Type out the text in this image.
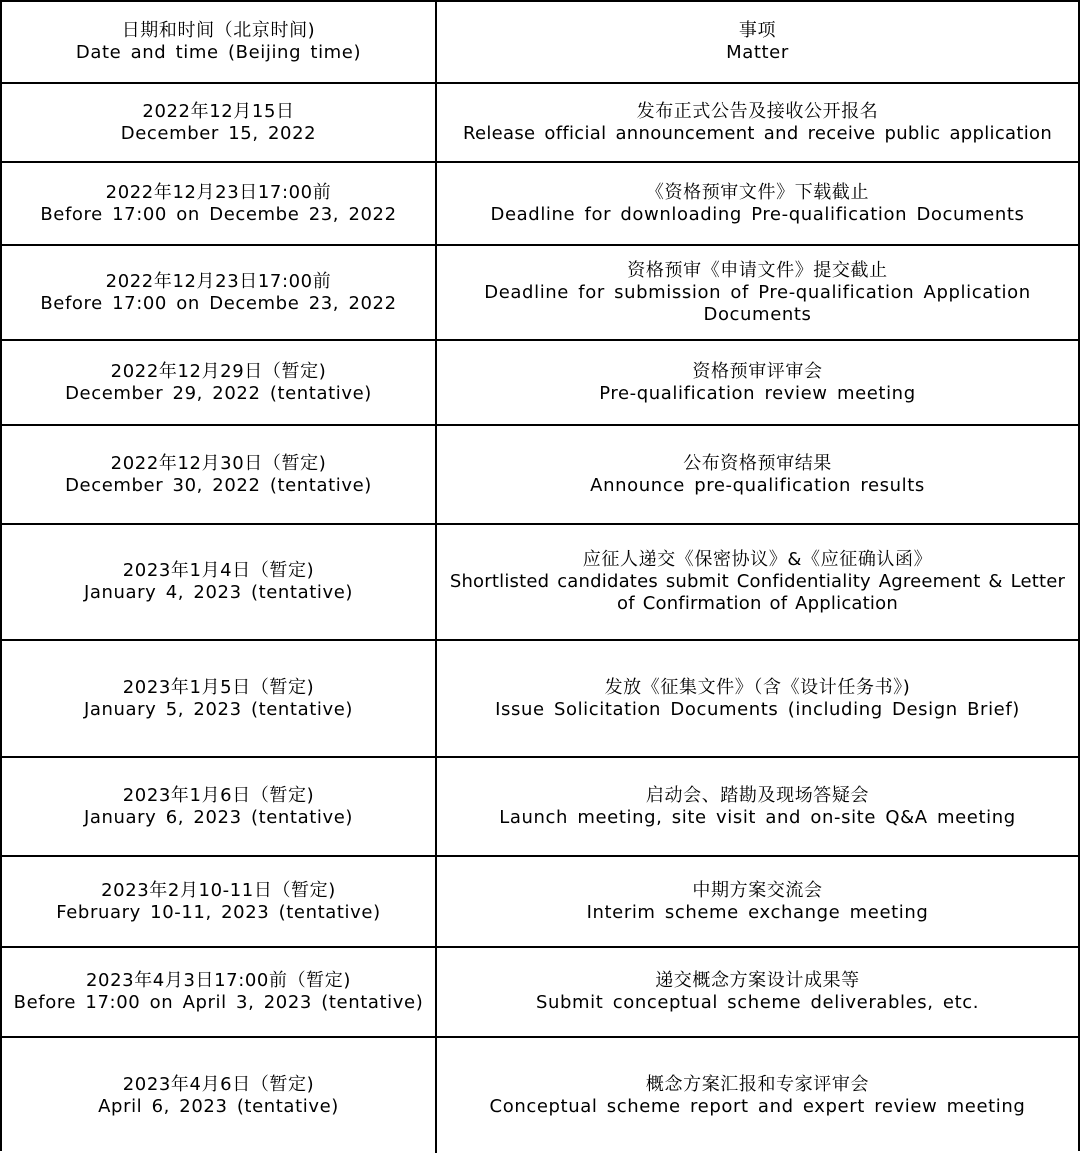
日期和时间（北京时间)
Date and time (Beijing time)
事项
Matter
2022年12月15日
December 15, 2022
发布正式公告及接收公开报名
Release official announcement and receive public application
2022年12月23日17:00前
Before 17:00 on Decembe 23, 2022
《资格预审文件》下载截止
Deadline for downloading Pre-qualification Documents
2022年12月23日17:00前
Before 17:00 on Decembe 23, 2022
资格预审《申请文件》提交截止
Deadline for submission of Pre-qualification Application Documents
2022年12月29日（暂定)
December 29, 2022 (tentative)
资格预审评审会
Pre-qualification review meeting
2022年12月30日（暂定)
December 30, 2022 (tentative)
公布资格预审结果
Announce pre-qualification results
2023年1月4日（暂定)
January 4, 2023 (tentative)
应征人递交《保密协议》&《应征确认函》
Shortlisted candidates submit Confidentiality Agreement & Letter of Confirmation of Application
2023年1月5日（暂定)
January 5, 2023 (tentative)
发放《征集文件》（含《设计任务书》)
Issue Solicitation Documents (including Design Brief)
2023年1月6日（暂定)
January 6, 2023 (tentative)
启动会、踏勘及现场答疑会
Launch meeting, site visit and on-site Q&A meeting
2023年2月10-11日（暂定)
February 10-11, 2023 (tentative)
中期方案交流会
Interim scheme exchange meeting
2023年4月3日17:00前（暂定)
Before 17:00 on April 3, 2023 (tentative)
递交概念方案设计成果等
Submit conceptual scheme deliverables, etc.
2023年4月6日（暂定)
April 6, 2023 (tentative)
概念方案汇报和专家评审会
Conceptual scheme report and expert review meeting
